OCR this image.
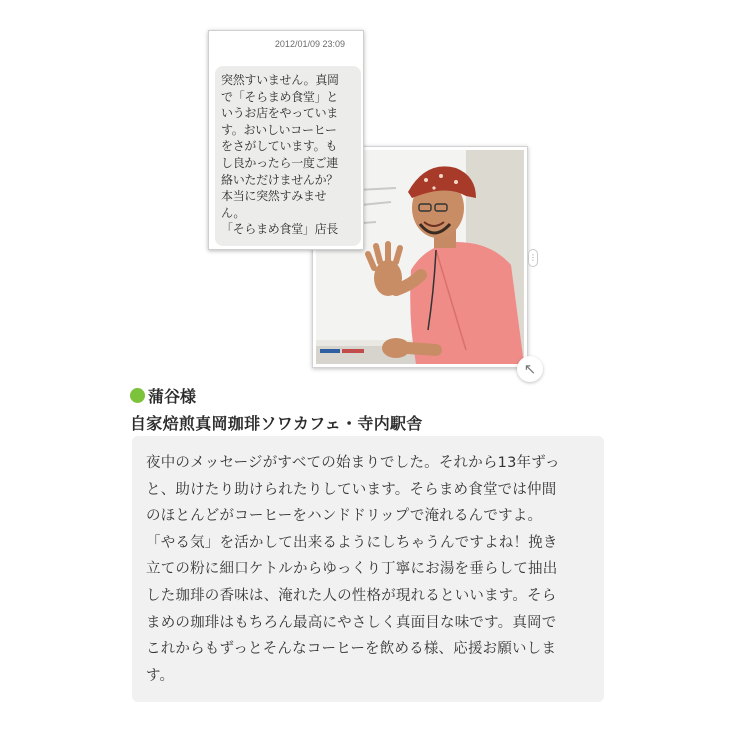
⋮
↖
2012/01/09 23:09
突然すいません。真岡
で「そらまめ食堂」と
いうお店をやっていま
す。おいしいコーヒー
をさがしています。も
し良かったら一度ご連
絡いただけませんか？
本当に突然すみませ
ん。
「そらまめ食堂」店長
蒲谷様
自家焙煎真岡珈琲ソワカフェ・寺内駅舎
夜中のメッセージがすべての始まりでした。それから13年ずっ
と、助けたり助けられたりしています。そらまめ食堂では仲間
のほとんどがコーヒーをハンドドリップで淹れるんですよ。
「やる気」を活かして出来るようにしちゃうんですよね！挽き
立ての粉に細口ケトルからゆっくり丁寧にお湯を垂らして抽出
した珈琲の香味は、淹れた人の性格が現れるといいます。そら
まめの珈琲はもちろん最高にやさしく真面目な味です。真岡で
これからもずっとそんなコーヒーを飲める様、応援お願いしま
す。
